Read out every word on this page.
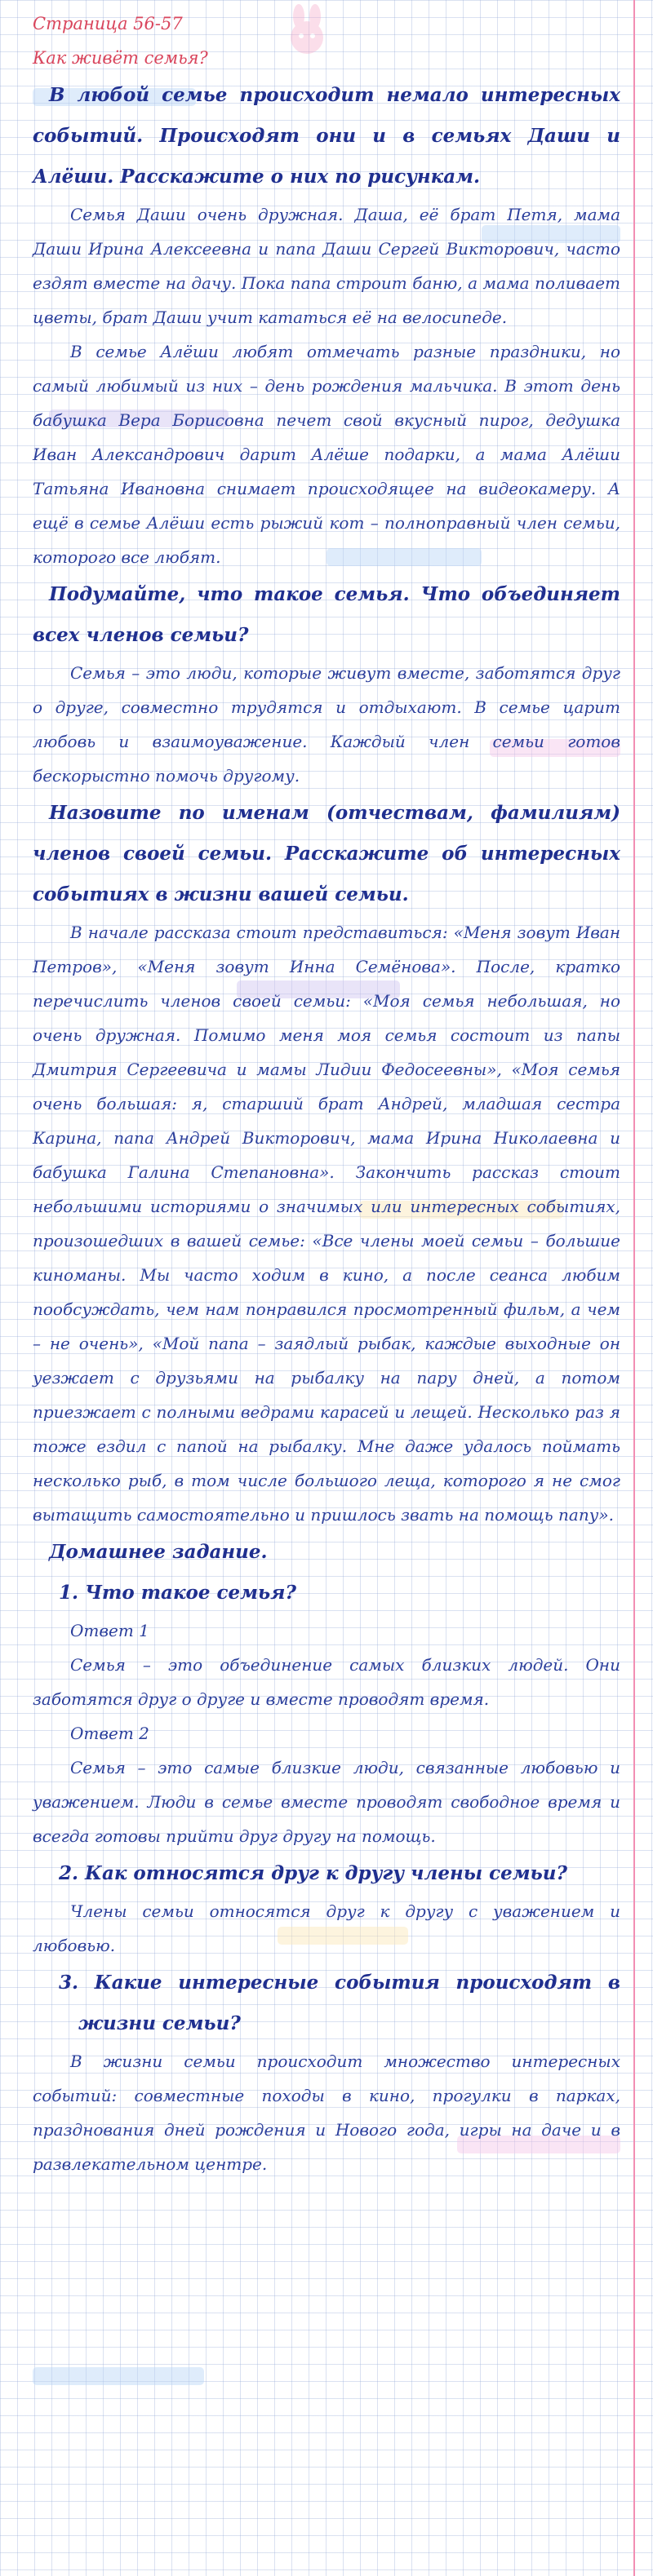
Страница 56-57

Как живёт семья?

В любой семье происходит немало интересных событий. Происходят они и в семьях Даши и Алёши. Расскажите о них по рисункам.

Семья Даши очень дружная. Даша, её брат Петя, мама Даши Ирина Алексеевна и папа Даши Сергей Викторович, часто ездят вместе на дачу. Пока папа строит баню, а мама поливает цветы, брат Даши учит кататься её на велосипеде.

В семье Алёши любят отмечать разные праздники, но самый любимый из них – день рождения мальчика. В этот день бабушка Вера Борисовна печет свой вкусный пирог, дедушка Иван Александрович дарит Алёше подарки, а мама Алёши Татьяна Ивановна снимает происходящее на видеокамеру. А ещё в семье Алёши есть рыжий кот – полноправный член семьи, которого все любят.

Подумайте, что такое семья. Что объединяет всех членов семьи?

Семья – это люди, которые живут вместе, заботятся друг о друге, совместно трудятся и отдыхают. В семье царит любовь и взаимоуважение. Каждый член семьи готов бескорыстно помочь другому.

Назовите по именам (отчествам, фамилиям) членов своей семьи. Расскажите об интересных событиях в жизни вашей семьи.

В начале рассказа стоит представиться: «Меня зовут Иван Петров», «Меня зовут Инна Семёнова». После, кратко перечислить членов своей семьи: «Моя семья небольшая, но очень дружная. Помимо меня моя семья состоит из папы Дмитрия Сергеевича и мамы Лидии Федосеевны», «Моя семья очень большая: я, старший брат Андрей, младшая сестра Карина, папа Андрей Викторович, мама Ирина Николаевна и бабушка Галина Степановна». Закончить рассказ стоит небольшими историями о значимых или интересных событиях, произошедших в вашей семье: «Все члены моей семьи – большие киноманы. Мы часто ходим в кино, а после сеанса любим пообсуждать, чем нам понравился просмотренный фильм, а чем – не очень», «Мой папа – заядлый рыбак, каждые выходные он уезжает с друзьями на рыбалку на пару дней, а потом приезжает с полными ведрами карасей и лещей. Несколько раз я тоже ездил с папой на рыбалку. Мне даже удалось поймать несколько рыб, в том числе большого леща, которого я не смог вытащить самостоятельно и пришлось звать на помощь папу».

Домашнее задание.

1. Что такое семья?

Ответ 1

Семья – это объединение самых близких людей. Они заботятся друг о друге и вместе проводят время.

Ответ 2

Семья – это самые близкие люди, связанные любовью и уважением. Люди в семье вместе проводят свободное время и всегда готовы прийти друг другу на помощь.

2. Как относятся друг к другу члены семьи?

Члены семьи относятся друг к другу с уважением и любовью.

3. Какие интересные события происходят в жизни семьи?

В жизни семьи происходит множество интересных событий: совместные походы в кино, прогулки в парках, празднования дней рождения и Нового года, игры на даче и в развлекательном центре.
